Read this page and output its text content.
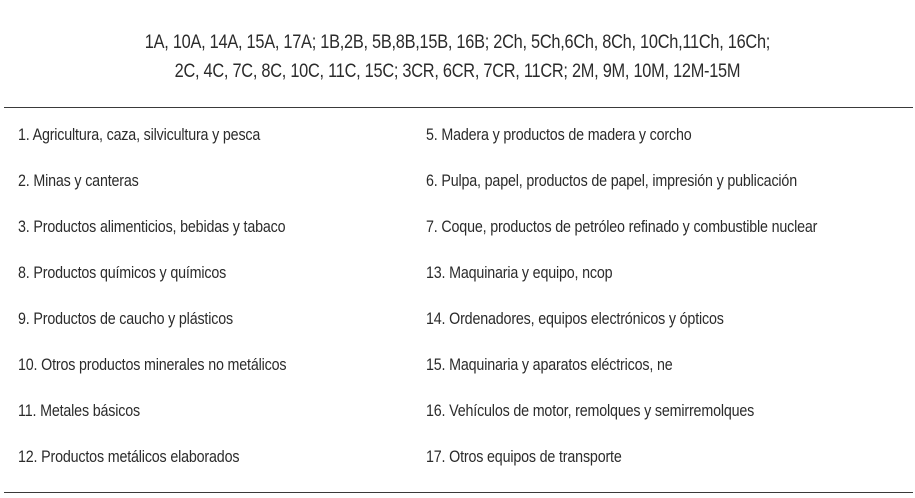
1A, 10A, 14A, 15A, 17A; 1B,2B, 5B,8B,15B, 16B; 2Ch, 5Ch,6Ch, 8Ch, 10Ch,11Ch, 16Ch;
2C, 4C, 7C, 8C, 10C, 11C, 15C; 3CR, 6CR, 7CR, 11CR; 2M, 9M, 10M, 12M-15M
1. Agricultura, caza, silvicultura y pesca	5. Madera y productos de madera y corcho
2. Minas y canteras	6. Pulpa, papel, productos de papel, impresión y publicación
3. Productos alimenticios, bebidas y tabaco	7. Coque, productos de petróleo refinado y combustible nuclear
8. Productos químicos y químicos	13. Maquinaria y equipo, ncop
9. Productos de caucho y plásticos	14. Ordenadores, equipos electrónicos y ópticos
10. Otros productos minerales no metálicos	15. Maquinaria y aparatos eléctricos, ne
11. Metales básicos	16. Vehículos de motor, remolques y semirremolques
12. Productos metálicos elaborados	17. Otros equipos de transporte
